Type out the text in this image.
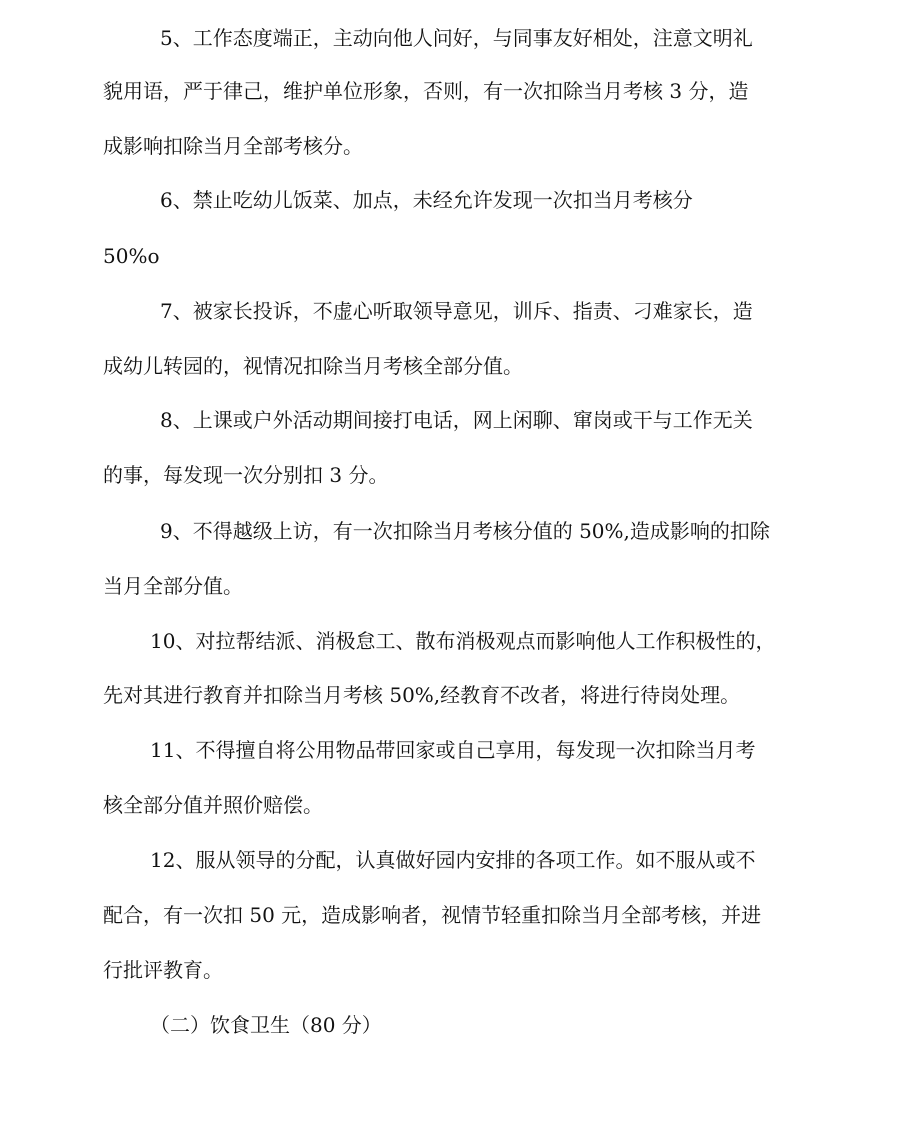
5、工作态度端正，主动向他人问好，与同事友好相处，注意文明礼
貌用语，严于律己，维护单位形象，否则，有一次扣除当月考核 3 分，造
成影响扣除当月全部考核分。
6、禁止吃幼儿饭菜、加点，未经允许发现一次扣当月考核分
50%o
7、被家长投诉，不虚心听取领导意见，训斥、指责、刁难家长，造
成幼儿转园的，视情况扣除当月考核全部分值。
8、上课或户外活动期间接打电话，网上闲聊、窜岗或干与工作无关
的事，每发现一次分别扣 3 分。
9、不得越级上访，有一次扣除当月考核分值的 50%,造成影响的扣除
当月全部分值。
10、对拉帮结派、消极怠工、散布消极观点而影响他人工作积极性的，
先对其进行教育并扣除当月考核 50%,经教育不改者，将进行待岗处理。
11、不得擅自将公用物品带回家或自己享用，每发现一次扣除当月考
核全部分值并照价赔偿。
12、服从领导的分配，认真做好园内安排的各项工作。如不服从或不
配合，有一次扣 50 元，造成影响者，视情节轻重扣除当月全部考核，并进
行批评教育。
（二）饮食卫生（80 分）
